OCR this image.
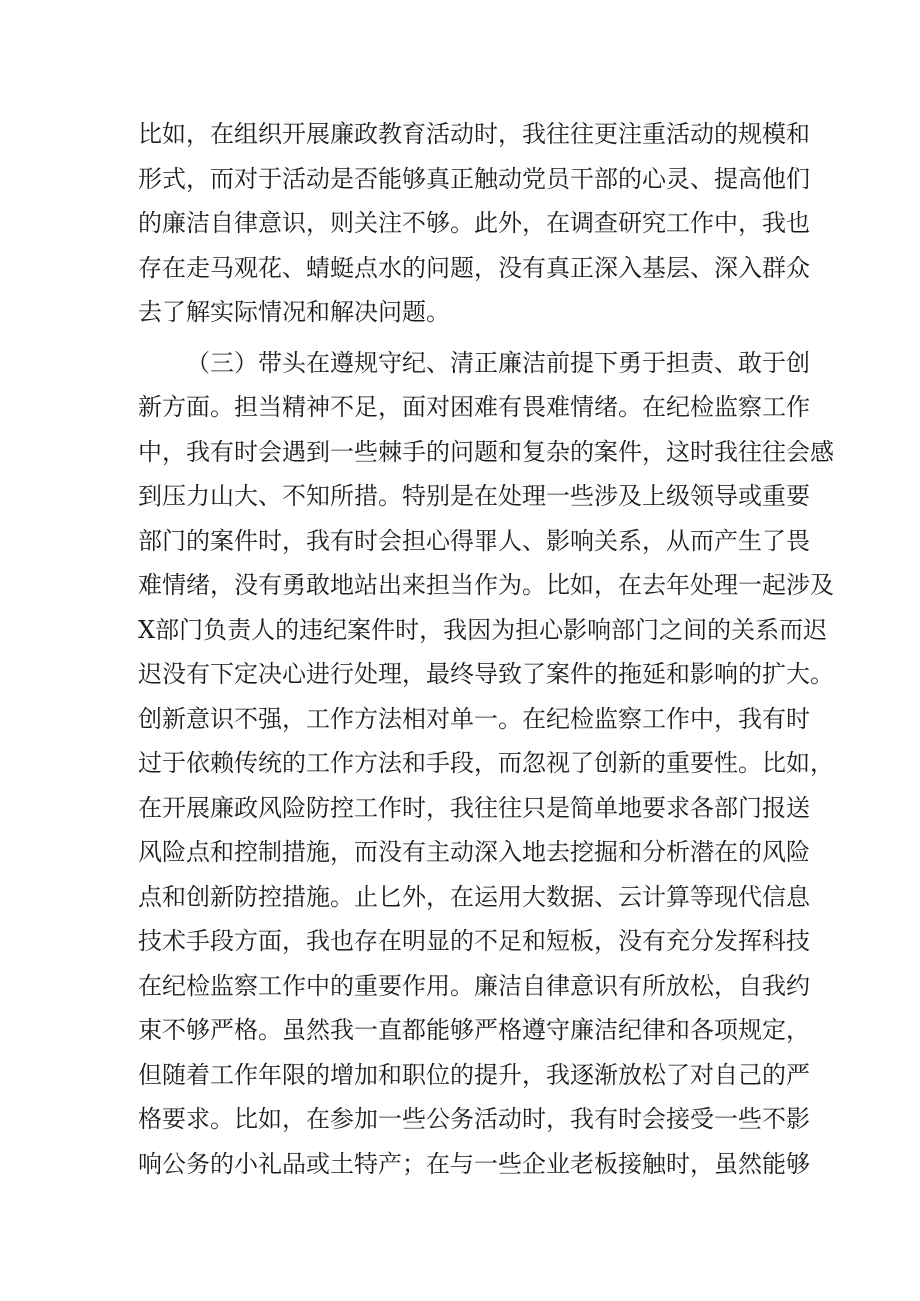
比 如 ， 在 组 织 开 展 廉 政 教 育 活 动 时 ， 我 往 往 更 注 重 活 动 的 规 模 和
形 式 ， 而 对 于 活 动 是 否 能 够 真 正 触 动 党 员 干 部 的 心 灵 、 提 高 他 们
的 廉 洁 自 律 意 识 ， 则 关 注 不 够 。 此 外 ， 在 调 查 研 究 工 作 中 ， 我 也
存 在 走 马 观 花 、 蜻 蜓 点 水 的 问 题 ， 没 有 真 正 深 入 基 层 、 深 入 群 众
去 了 解 实 际 情 况 和 解 决 问 题 。
（ 三 ） 带 头 在 遵 规 守 纪 、 清 正 廉 洁 前 提 下 勇 于 担 责 、 敢 于 创
新 方 面 。 担 当 精 神 不 足 ， 面 对 困 难 有 畏 难 情 绪 。 在 纪 检 监 察 工 作
中 ， 我 有 时 会 遇 到 一 些 棘 手 的 问 题 和 复 杂 的 案 件 ， 这 时 我 往 往 会 感
到 压 力 山 大 、 不 知 所 措 。 特 别 是 在 处 理 一 些 涉 及 上 级 领 导 或 重 要
部 门 的 案 件 时 ， 我 有 时 会 担 心 得 罪 人 、 影 响 关 系 ， 从 而 产 生 了 畏
难 情 绪 ， 没 有 勇 敢 地 站 出 来 担 当 作 为 。 比 如 ， 在 去 年 处 理 一 起 涉 及
X 部 门 负 责 人 的 违 纪 案 件 时 ， 我 因 为 担 心 影 响 部 门 之 间 的 关 系 而 迟
迟 没 有 下 定 决 心 进 行 处 理 ， 最 终 导 致 了 案 件 的 拖 延 和 影 响 的 扩 大 。
创 新 意 识 不 强 ， 工 作 方 法 相 对 单 一 。 在 纪 检 监 察 工 作 中 ， 我 有 时
过 于 依 赖 传 统 的 工 作 方 法 和 手 段 ， 而 忽 视 了 创 新 的 重 要 性 。 比 如 ，
在 开 展 廉 政 风 险 防 控 工 作 时 ， 我 往 往 只 是 简 单 地 要 求 各 部 门 报 送
风 险 点 和 控 制 措 施 ， 而 没 有 主 动 深 入 地 去 挖 掘 和 分 析 潜 在 的 风 险
点 和 创 新 防 控 措 施 。 止 匕 外 ， 在 运 用 大 数 据 、 云 计 算 等 现 代 信 息
技 术 手 段 方 面 ， 我 也 存 在 明 显 的 不 足 和 短 板 ， 没 有 充 分 发 挥 科 技
在 纪 检 监 察 工 作 中 的 重 要 作 用 。 廉 洁 自 律 意 识 有 所 放 松 ， 自 我 约
束 不 够 严 格 。 虽 然 我 一 直 都 能 够 严 格 遵 守 廉 洁 纪 律 和 各 项 规 定 ，
但 随 着 工 作 年 限 的 增 加 和 职 位 的 提 升 ， 我 逐 渐 放 松 了 对 自 己 的 严
格 要 求 。 比 如 ， 在 参 加 一 些 公 务 活 动 时 ， 我 有 时 会 接 受 一 些 不 影
响 公 务 的 小 礼 品 或 土 特 产 ； 在 与 一 些 企 业 老 板 接 触 时 ， 虽 然 能 够
